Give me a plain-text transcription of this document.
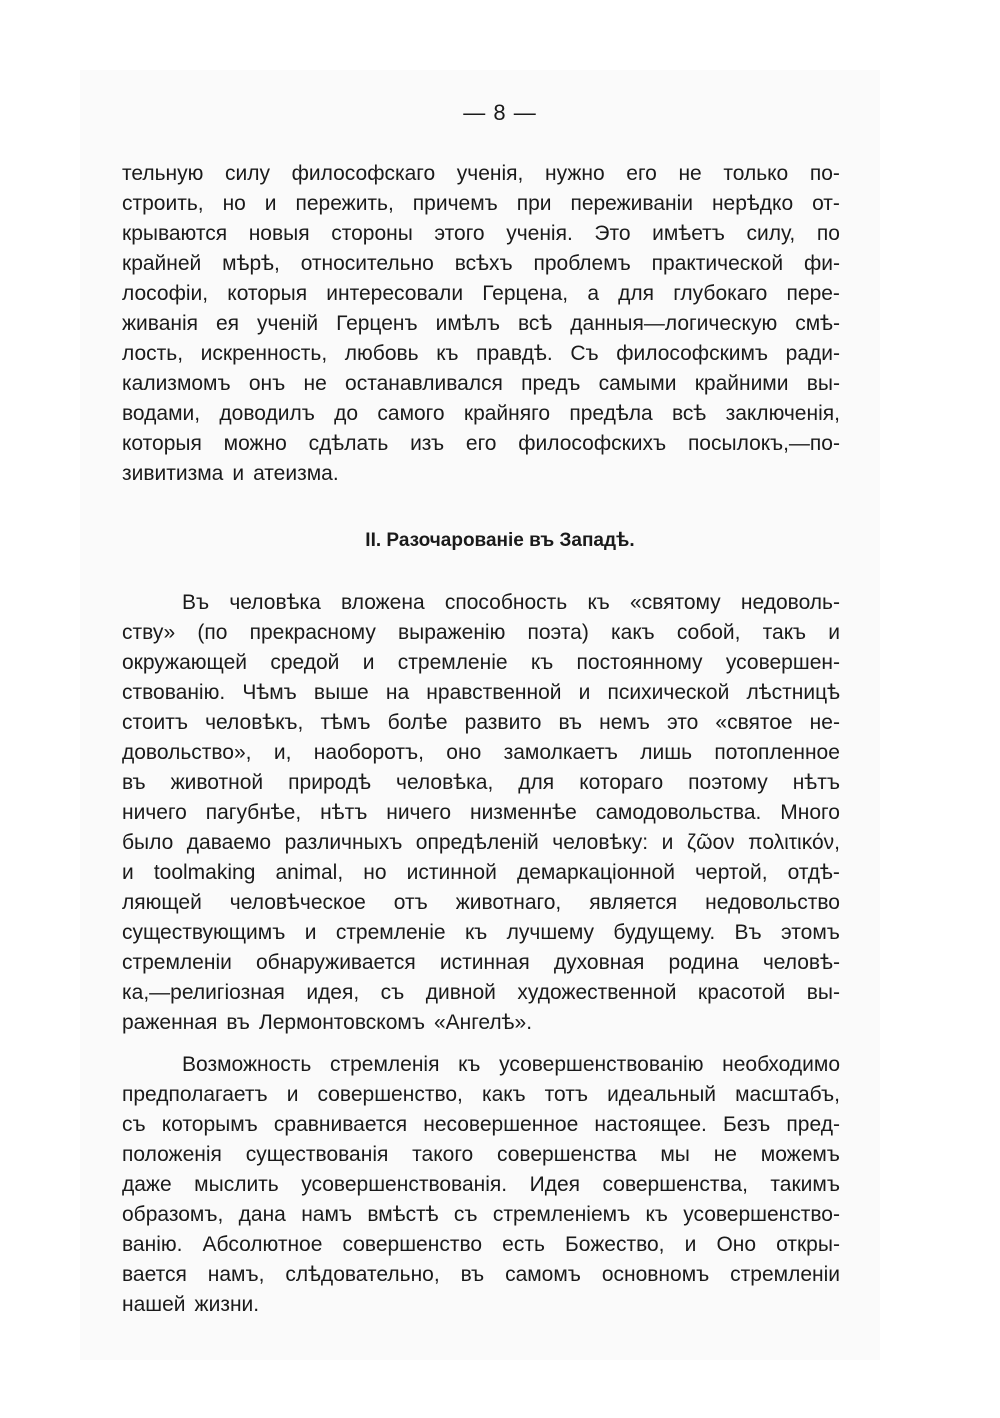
— 8 —
тельную силу философскаго ученія, нужно его не только по-
строить, но и пережить, причемъ при переживаніи нерѣдко от-
крываются новыя стороны этого ученія. Это имѣетъ силу, по
крайней мѣрѣ, относительно всѣхъ проблемъ практической фи-
лософіи, которыя интересовали Герцена, а для глубокаго пере-
живанія ея ученій Герценъ имѣлъ всѣ данныя—логическую смѣ-
лость, искренность, любовь къ правдѣ. Съ философскимъ ради-
кализмомъ онъ не останавливался предъ самыми крайними вы-
водами, доводилъ до самого крайняго предѣла всѣ заключенія,
которыя можно сдѣлать изъ его философскихъ посылокъ,—по-
зивитизма и атеизма.
II. Разочарованіе въ Западѣ.
Въ человѣка вложена способность къ «святому недоволь-
ству» (по прекрасному выраженію поэта) какъ собой, такъ и
окружающей средой и стремленіе къ постоянному усовершен-
ствованію. Чѣмъ выше на нравственной и психической лѣстницѣ
стоитъ человѣкъ, тѣмъ болѣе развито въ немъ это «святое не-
довольство», и, наоборотъ, оно замолкаетъ лишь потопленное
въ животной природѣ человѣка, для котораго поэтому нѣтъ
ничего пагубнѣе, нѣтъ ничего низменнѣе самодовольства. Много
было даваемо различныхъ опредѣленій человѣку: и ζῶον πολιτικόν,
и toolmaking animal, но истинной демаркаціонной чертой, отдѣ-
ляющей человѣческое отъ животнаго, является недовольство
существующимъ и стремленіе къ лучшему будущему. Въ этомъ
стремленіи обнаруживается истинная духовная родина человѣ-
ка,—религіозная идея, съ дивной художественной красотой вы-
раженная въ Лермонтовскомъ «Ангелѣ».
Возможность стремленія къ усовершенствованію необходимо
предполагаетъ и совершенство, какъ тотъ идеальный масштабъ,
съ которымъ сравнивается несовершенное настоящее. Безъ пред-
положенія существованія такого совершенства мы не можемъ
даже мыслить усовершенствованія. Идея совершенства, такимъ
образомъ, дана намъ вмѣстѣ съ стремленіемъ къ усовершенство-
ванію. Абсолютное совершенство есть Божество, и Оно откры-
вается намъ, слѣдовательно, въ самомъ основномъ стремленіи
нашей жизни.
